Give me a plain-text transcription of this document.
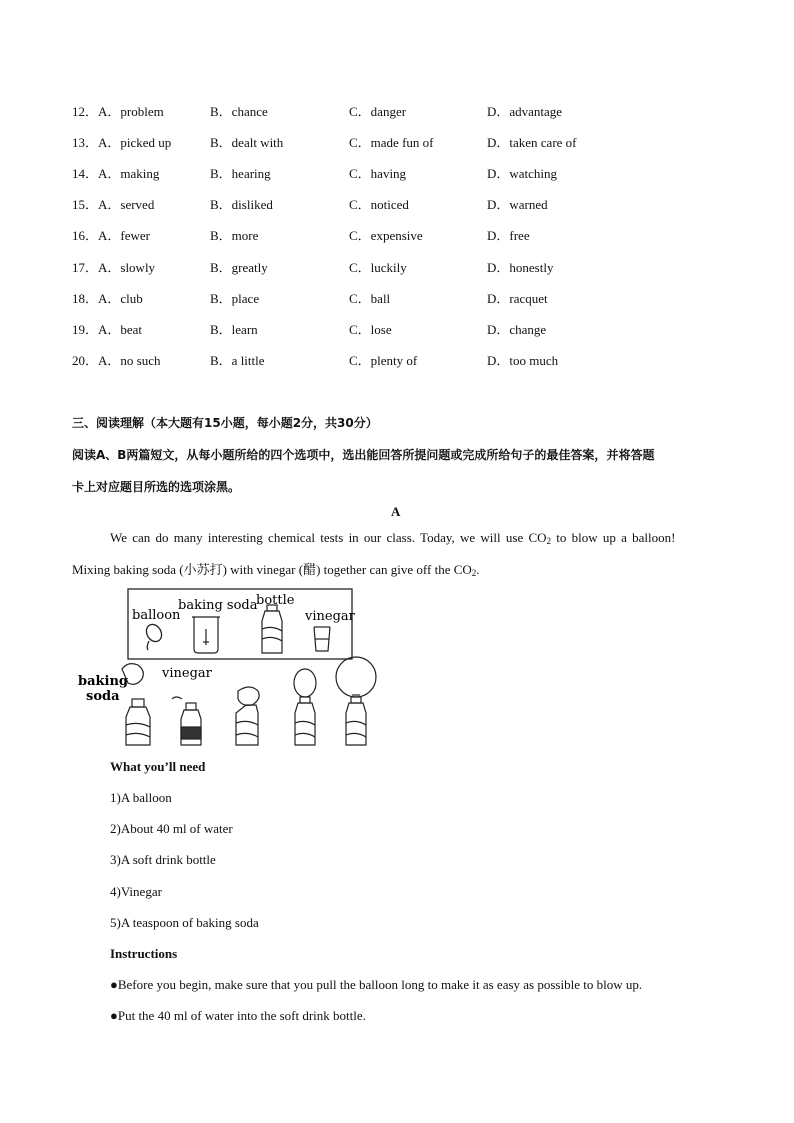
12． A．problem	B．chance	C．danger	D．advantage
13． A．picked up	B．dealt with	C．made fun of	D．taken care of
14． A．making	B．hearing	C．having	D．watching
15． A．served	B．disliked	C．noticed	D．warned
16． A．fewer	B．more	C．expensive	D．free
17． A．slowly	B．greatly	C．luckily	D．honestly
18． A．club	B．place	C．ball	D．racquet
19． A．beat	B．learn	C．lose	D．change
20． A．no such	B．a little	C．plenty of	D．too much
三、阅读理解（本大题有15小题，每小题2分，共30分）
阅读A、B两篇短文，从每小题所给的四个选项中，选出能回答所提问题或完成所给句子的最佳答案，并将答题
卡上对应题目所选的选项涂黑。
A
We can do many interesting chemical tests in our class. Today, we will use $CO_2$ to blow up a balloon!
Mixing baking soda (小苏打) with vinegar (醋) together can give off the $CO_2$.
balloon
baking soda
bottle
vinegar
baking
soda
vinegar
What you’ll need
1)A balloon
2)About 40 ml of water
3)A soft drink bottle
4)Vinegar
5)A teaspoon of baking soda
Instructions
●Before you begin, make sure that you pull the balloon long to make it as easy as possible to blow up.
●Put the 40 ml of water into the soft drink bottle.
